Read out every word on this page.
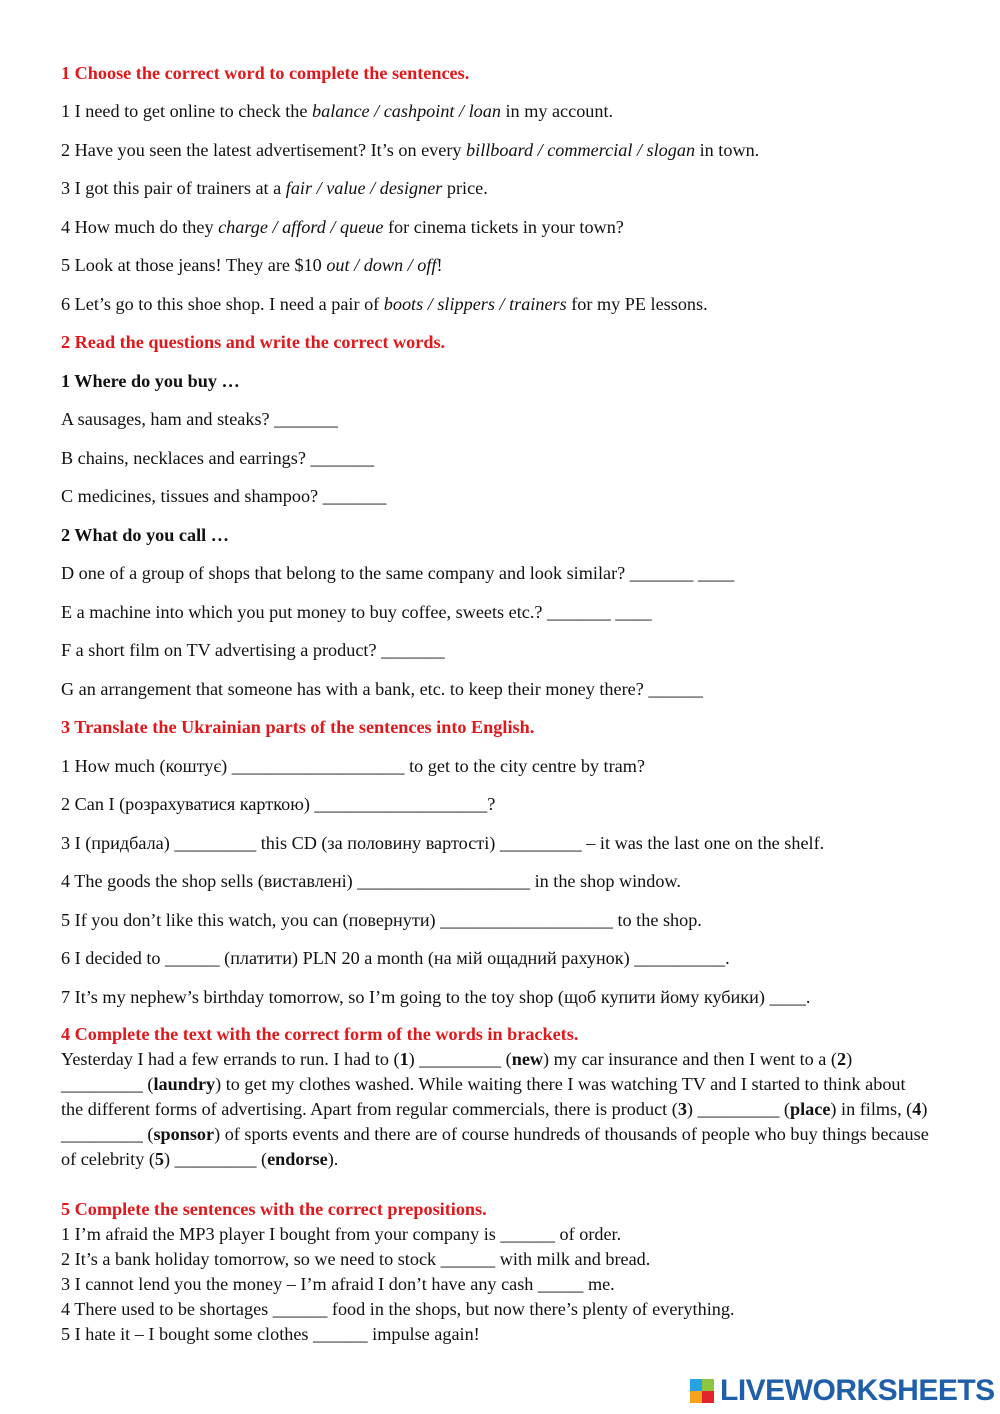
1 Choose the correct word to complete the sentences.
1 I need to get online to check the balance / cashpoint / loan in my account.
2 Have you seen the latest advertisement? It’s on every billboard / commercial / slogan in town.
3 I got this pair of trainers at a fair / value / designer price.
4 How much do they charge / afford / queue for cinema tickets in your town?
5 Look at those jeans! They are $10 out / down / off!
6 Let’s go to this shoe shop. I need a pair of boots / slippers / trainers for my PE lessons.
2 Read the questions and write the correct words.
1 Where do you buy …
A sausages, ham and steaks? _______
B chains, necklaces and earrings? _______
C medicines, tissues and shampoo? _______
2 What do you call …
D one of a group of shops that belong to the same company and look similar? _______ ____
E a machine into which you put money to buy coffee, sweets etc.? _______ ____
F a short film on TV advertising a product? _______
G an arrangement that someone has with a bank, etc. to keep their money there? ______
3 Translate the Ukrainian parts of the sentences into English.
1 How much (коштує) ___________________ to get to the city centre by tram?
2 Can I (розрахуватися карткою) ___________________?
3 I (придбала) _________ this CD (за половину вартості) _________ – it was the last one on the shelf.
4 The goods the shop sells (виставлені) ___________________ in the shop window.
5 If you don’t like this watch, you can (повернути) ___________________ to the shop.
6 I decided to ______ (платити) PLN 20 a month (на мій ощадний рахунок) __________.
7 It’s my nephew’s birthday tomorrow, so I’m going to the toy shop (щоб купити йому кубики) ____.
4 Complete the text with the correct form of the words in brackets.
Yesterday I had a few errands to run. I had to (1) _________ (new) my car insurance and then I went to a (2) _________ (laundry) to get my clothes washed. While waiting there I was watching TV and I started to think about the different forms of advertising. Apart from regular commercials, there is product (3) _________ (place) in films, (4) _________ (sponsor) of sports events and there are of course hundreds of thousands of people who buy things because of celebrity (5) _________ (endorse).
5 Complete the sentences with the correct prepositions.
1 I’m afraid the MP3 player I bought from your company is ______ of order.
2 It’s a bank holiday tomorrow, so we need to stock ______ with milk and bread.
3 I cannot lend you the money – I’m afraid I don’t have any cash _____ me.
4 There used to be shortages ______ food in the shops, but now there’s plenty of everything.
5 I hate it – I bought some clothes ______ impulse again!
LIVEWORKSHEETS
